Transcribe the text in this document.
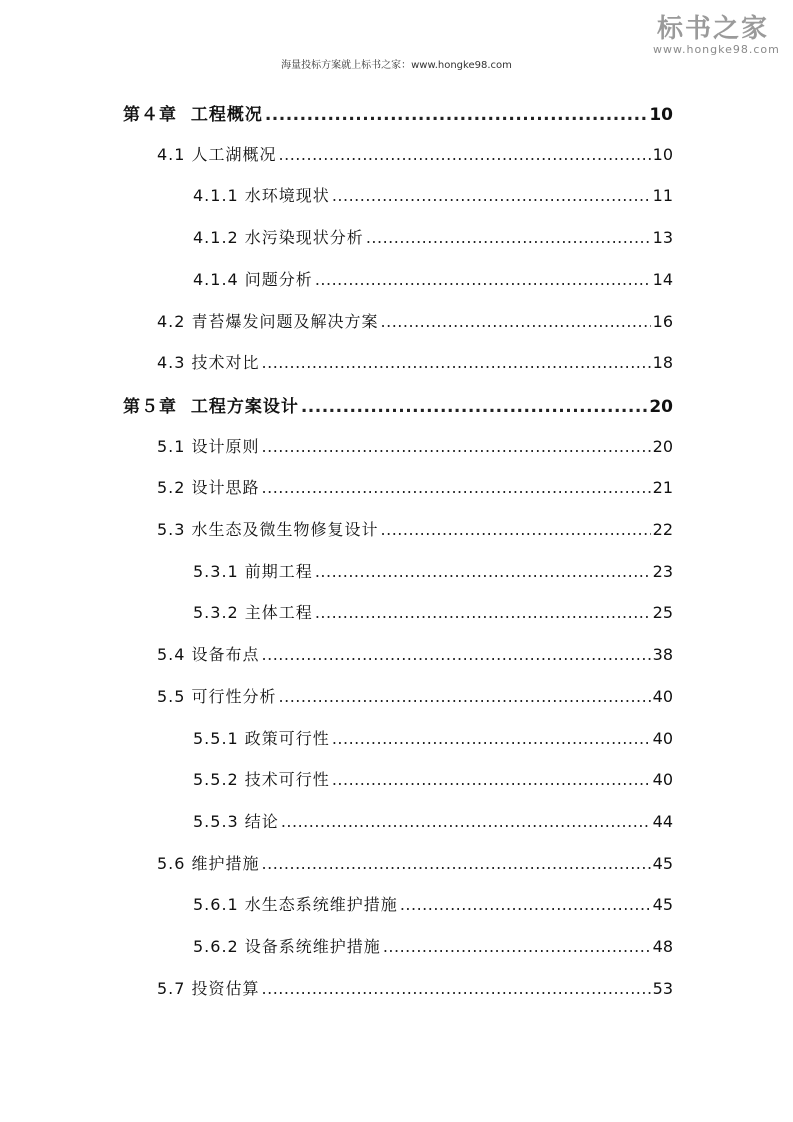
标书之家
www.hongke98.com
海量投标方案就上标书之家：www.hongke98.com
第４章  工程概况 .....	10
4.1 人工湖概况 .....	10
4.1.1 水环境现状 .....	11
4.1.2 水污染现状分析 .....	13
4.1.4 问题分析 .....	14
4.2 青苔爆发问题及解决方案 .....	16
4.3 技术对比 .....	18
第５章  工程方案设计 .....	20
5.1 设计原则 .....	20
5.2 设计思路 .....	21
5.3 水生态及微生物修复设计 .....	22
5.3.1 前期工程 .....	23
5.3.2 主体工程 .....	25
5.4 设备布点 .....	38
5.5 可行性分析 .....	40
5.5.1 政策可行性 .....	40
5.5.2 技术可行性 .....	40
5.5.3 结论 .....	44
5.6 维护措施 .....	45
5.6.1 水生态系统维护措施 .....	45
5.6.2 设备系统维护措施 .....	48
5.7 投资估算 .....	53
